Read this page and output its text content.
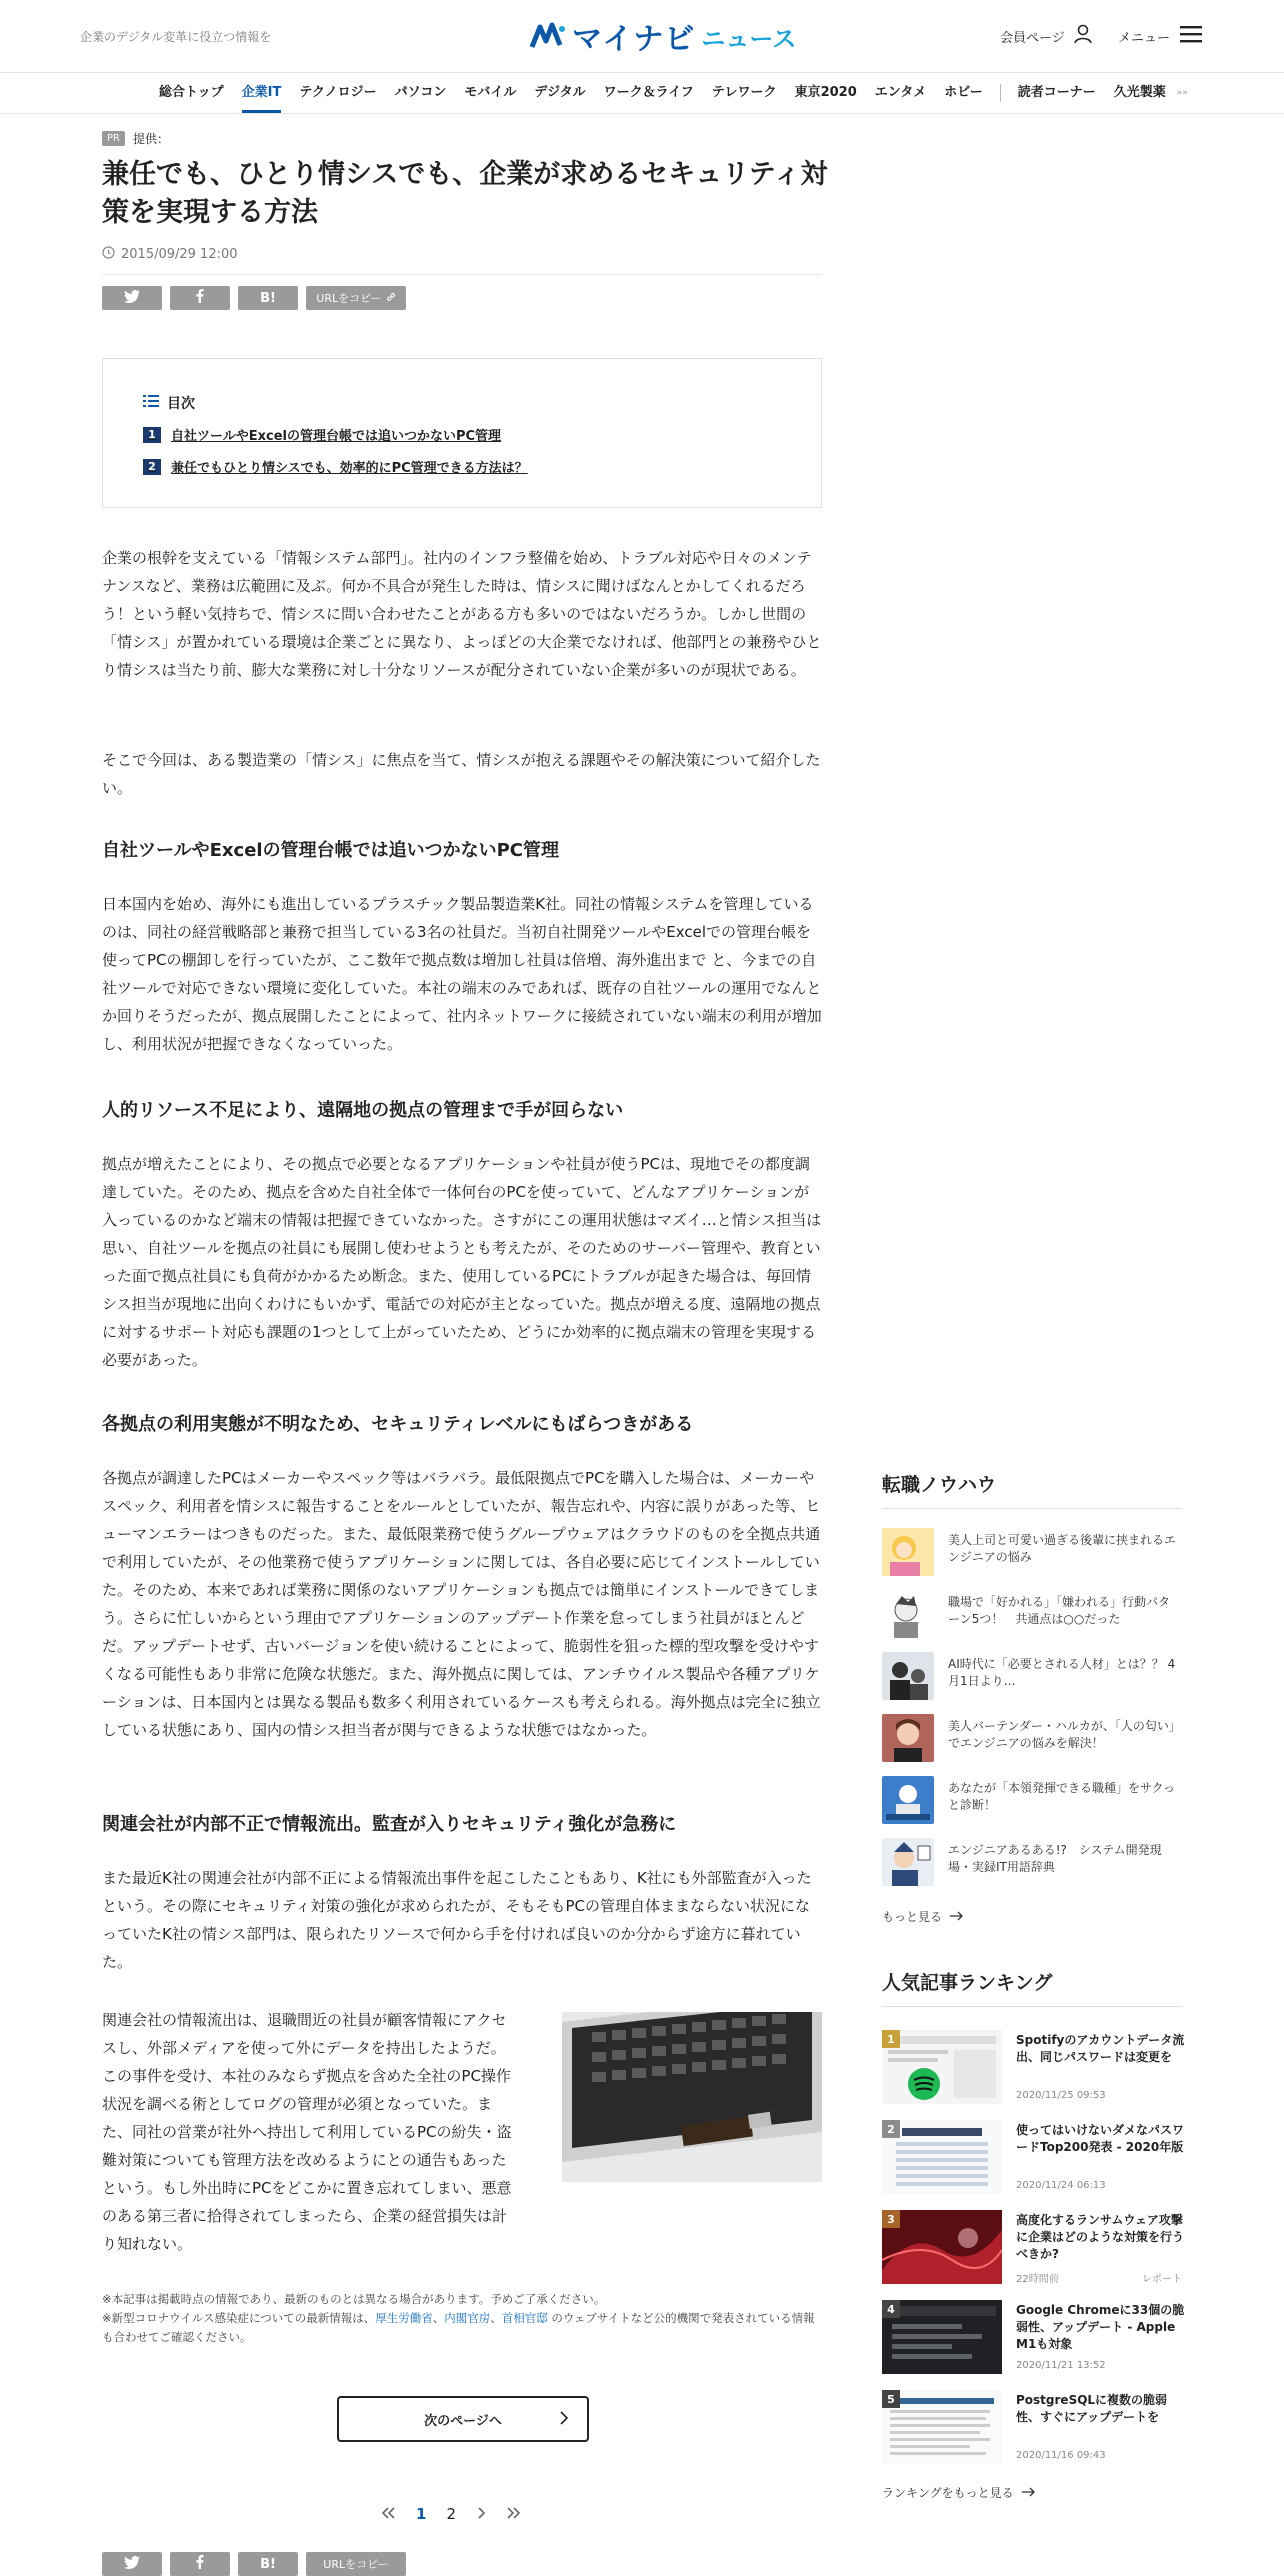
企業のデジタル変革に役立つ情報を	マイナビ ニュース	会員ページ	メニュー
総合トップ	企業IT	テクノロジー	パソコン	モバイル	デジタル	ワーク＆ライフ	テレワーク	東京2020	エンタメ	ホビー	読者コーナー	久光製薬	»»
PR	提供：
兼任でも、ひとり情シスでも、企業が求めるセキュリティ対策を実現する方法
2015/09/29 12:00
B!	URLをコピー
目次
1	自社ツールやExcelの管理台帳では追いつかないPC管理
2	兼任でもひとり情シスでも、効率的にPC管理できる方法は？

企業の根幹を支えている「情報システム部門」。社内のインフラ整備を始め、トラブル対応や日々のメンテナンスなど、業務は広範囲に及ぶ。何か不具合が発生した時は、情シスに聞けばなんとかしてくれるだろう！という軽い気持ちで、情シスに問い合わせたことがある方も多いのではないだろうか。しかし世間の「情シス」が置かれている環境は企業ごとに異なり、よっぽどの大企業でなければ、他部門との兼務やひとり情シスは当たり前、膨大な業務に対し十分なリソースが配分されていない企業が多いのが現状である。

そこで今回は、ある製造業の「情シス」に焦点を当て、情シスが抱える課題やその解決策について紹介したい。

自社ツールやExcelの管理台帳では追いつかないPC管理

日本国内を始め、海外にも進出しているプラスチック製品製造業K社。同社の情報システムを管理しているのは、同社の経営戦略部と兼務で担当している3名の社員だ。当初自社開発ツールやExcelでの管理台帳を使ってPCの棚卸しを行っていたが、ここ数年で拠点数は増加し社員は倍増、海外進出まで と、今までの自社ツールで対応できない環境に変化していた。本社の端末のみであれば、既存の自社ツールの運用でなんとか回りそうだったが、拠点展開したことによって、社内ネットワークに接続されていない端末の利用が増加し、利用状況が把握できなくなっていった。

人的リソース不足により、遠隔地の拠点の管理まで手が回らない

拠点が増えたことにより、その拠点で必要となるアプリケーションや社員が使うPCは、現地でその都度調達していた。そのため、拠点を含めた自社全体で一体何台のPCを使っていて、どんなアプリケーションが入っているのかなど端末の情報は把握できていなかった。さすがにこの運用状態はマズイ…と情シス担当は思い、自社ツールを拠点の社員にも展開し使わせようとも考えたが、そのためのサーバー管理や、教育といった面で拠点社員にも負荷がかかるため断念。また、使用しているPCにトラブルが起きた場合は、毎回情シス担当が現地に出向くわけにもいかず、電話での対応が主となっていた。拠点が増える度、遠隔地の拠点に対するサポート対応も課題の1つとして上がっていたため、どうにか効率的に拠点端末の管理を実現する必要があった。

各拠点の利用実態が不明なため、セキュリティレベルにもばらつきがある

各拠点が調達したPCはメーカーやスペック等はバラバラ。最低限拠点でPCを購入した場合は、メーカーやスペック、利用者を情シスに報告することをルールとしていたが、報告忘れや、内容に誤りがあった等、ヒューマンエラーはつきものだった。また、最低限業務で使うグループウェアはクラウドのものを全拠点共通で利用していたが、その他業務で使うアプリケーションに関しては、各自必要に応じてインストールしていた。そのため、本来であれば業務に関係のないアプリケーションも拠点では簡単にインストールできてしまう。さらに忙しいからという理由でアプリケーションのアップデート作業を怠ってしまう社員がほとんどだ。アップデートせず、古いバージョンを使い続けることによって、脆弱性を狙った標的型攻撃を受けやすくなる可能性もあり非常に危険な状態だ。また、海外拠点に関しては、アンチウイルス製品や各種アプリケーションは、日本国内とは異なる製品も数多く利用されているケースも考えられる。海外拠点は完全に独立している状態にあり、国内の情シス担当者が関与できるような状態ではなかった。

関連会社が内部不正で情報流出。監査が入りセキュリティ強化が急務に

また最近K社の関連会社が内部不正による情報流出事件を起こしたこともあり、K社にも外部監査が入ったという。その際にセキュリティ対策の強化が求められたが、そもそもPCの管理自体ままならない状況になっていたK社の情シス部門は、限られたリソースで何から手を付ければ良いのか分からず途方に暮れていた。

関連会社の情報流出は、退職間近の社員が顧客情報にアクセスし、外部メディアを使って外にデータを持出したようだ。この事件を受け、本社のみならず拠点を含めた全社のPC操作状況を調べる術としてログの管理が必須となっていた。また、同社の営業が社外へ持出して利用しているPCの紛失・盗難対策についても管理方法を改めるようにとの通告もあったという。もし外出時にPCをどこかに置き忘れてしまい、悪意のある第三者に拾得されてしまったら、企業の経営損失は計り知れない。

※本記事は掲載時点の情報であり、最新のものとは異なる場合があります。予めご了承ください。
※新型コロナウイルス感染症についての最新情報は、厚生労働省、内閣官房、首相官邸 のウェブサイトなど公的機関で発表されている情報も合わせてご確認ください。
次のページへ
1 2
B!	URLをコピー
転職ノウハウ
美人上司と可愛い過ぎる後輩に挟まれるエンジニアの悩み
職場で「好かれる」「嫌われる」行動パターン5つ！　共通点は○○だった
AI時代に「必要とされる人材」とは？？ 4月1日より…
美人バーテンダー・ハルカが、「人の匂い」でエンジニアの悩みを解決！
あなたが「本領発揮できる職種」をサクっと診断！
エンジニアあるある!?　システム開発現場・実録IT用語辞典
もっと見る
人気記事ランキング
1	Spotifyのアカウントデータ流出、同じパスワードは変更を
2020/11/25 09:53
2	使ってはいけないダメなパスワードTop200発表 - 2020年版
2020/11/24 06:13
3	高度化するランサムウェア攻撃に企業はどのような対策を行うべきか?
22時間前	レポート
4	Google Chromeに33個の脆弱性、アップデート - Apple M1も対象
2020/11/21 13:52
5	PostgreSQLに複数の脆弱性、すぐにアップデートを
2020/11/16 09:43
ランキングをもっと見る
